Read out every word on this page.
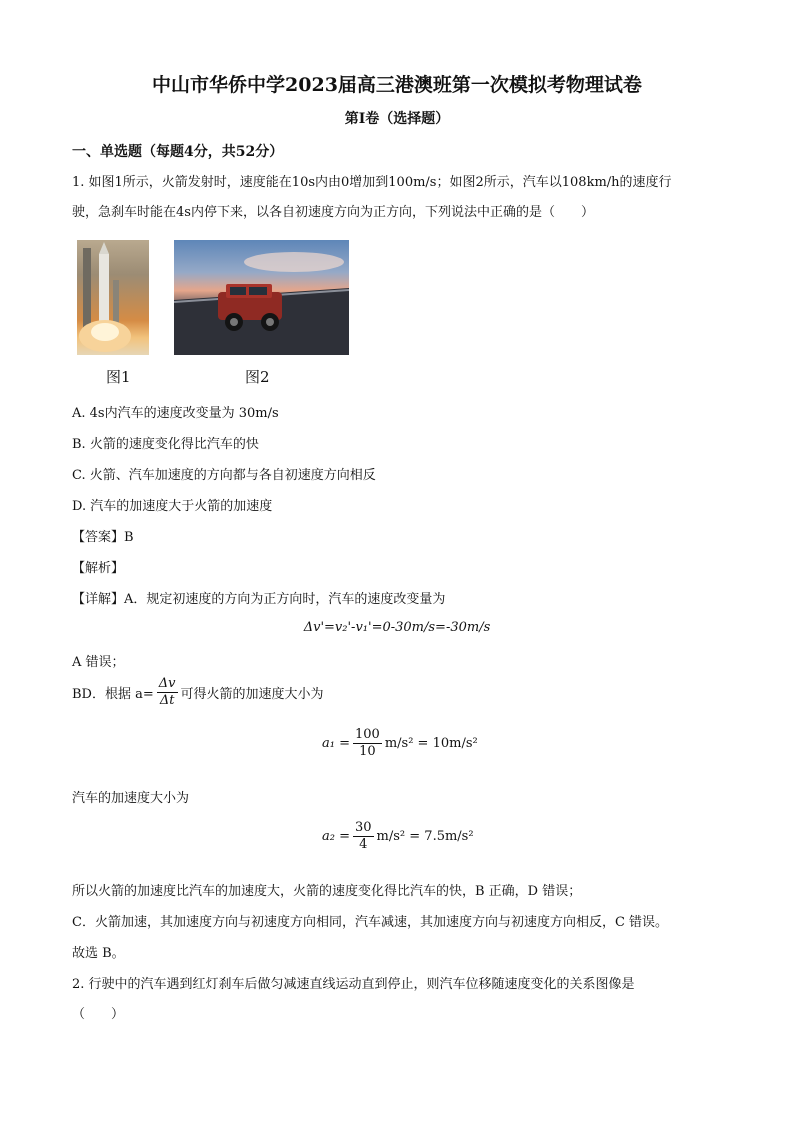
中山市华侨中学2023届高三港澳班第一次模拟考物理试卷
第I卷（选择题）
一、单选题（每题4分，共52分）
1. 如图1所示，火箭发射时，速度能在10s内由0增加到100m/s；如图2所示，汽车以108km/h的速度行
驶，急刹车时能在4s内停下来，以各自初速度方向为正方向，下列说法中正确的是（　　）
图1	图2
A. 4s内汽车的速度改变量为 30m/s
B. 火箭的速度变化得比汽车的快
C. 火箭、汽车加速度的方向都与各自初速度方向相反
D. 汽车的加速度大于火箭的加速度
【答案】B
【解析】
【详解】A．规定初速度的方向为正方向时，汽车的速度改变量为
Δv'=v₂'-v₁'=0-30m/s=-30m/s
A 错误；
BD．根据 $a= \frac{\Delta v}{\Delta t}$ 可得火箭的加速度大小为
$a_1 = \frac{100}{10} m/s^2 = 10m/s^2$
汽车的加速度大小为
$a_2 = \frac{30}{4} m/s^2 = 7.5m/s^2$
所以火箭的加速度比汽车的加速度大，火箭的速度变化得比汽车的快，B 正确，D 错误；
C．火箭加速，其加速度方向与初速度方向相同，汽车减速，其加速度方向与初速度方向相反，C 错误。
故选 B。
2. 行驶中的汽车遇到红灯刹车后做匀减速直线运动直到停止，则汽车位移随速度变化的关系图像是
（　　）
